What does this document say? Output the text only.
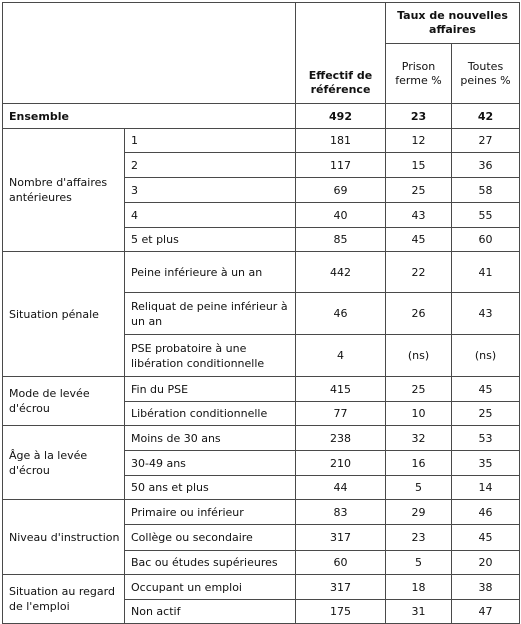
		Effectif de référence	Taux de nouvelles affaires	
			Prison ferme %	Toutes peines %
Ensemble		492	23	42
Nombre d'affaires antérieures	1	181	12	27
	2	117	15	36
	3	69	25	58
	4	40	43	55
	5 et plus	85	45	60
Situation pénale	Peine inférieure à un an	442	22	41
	Reliquat de peine inférieur à un an	46	26	43
	PSE probatoire à une libération conditionnelle	4	(ns)	(ns)
Mode de levée d'écrou	Fin du PSE	415	25	45
	Libération conditionnelle	77	10	25
Âge à la levée d'écrou	Moins de 30 ans	238	32	53
	30-49 ans	210	16	35
	50 ans et plus	44	5	14
Niveau d'instruction	Primaire ou inférieur	83	29	46
	Collège ou secondaire	317	23	45
	Bac ou études supérieures	60	5	20
Situation au regard de l'emploi	Occupant un emploi	317	18	38
	Non actif	175	31	47
